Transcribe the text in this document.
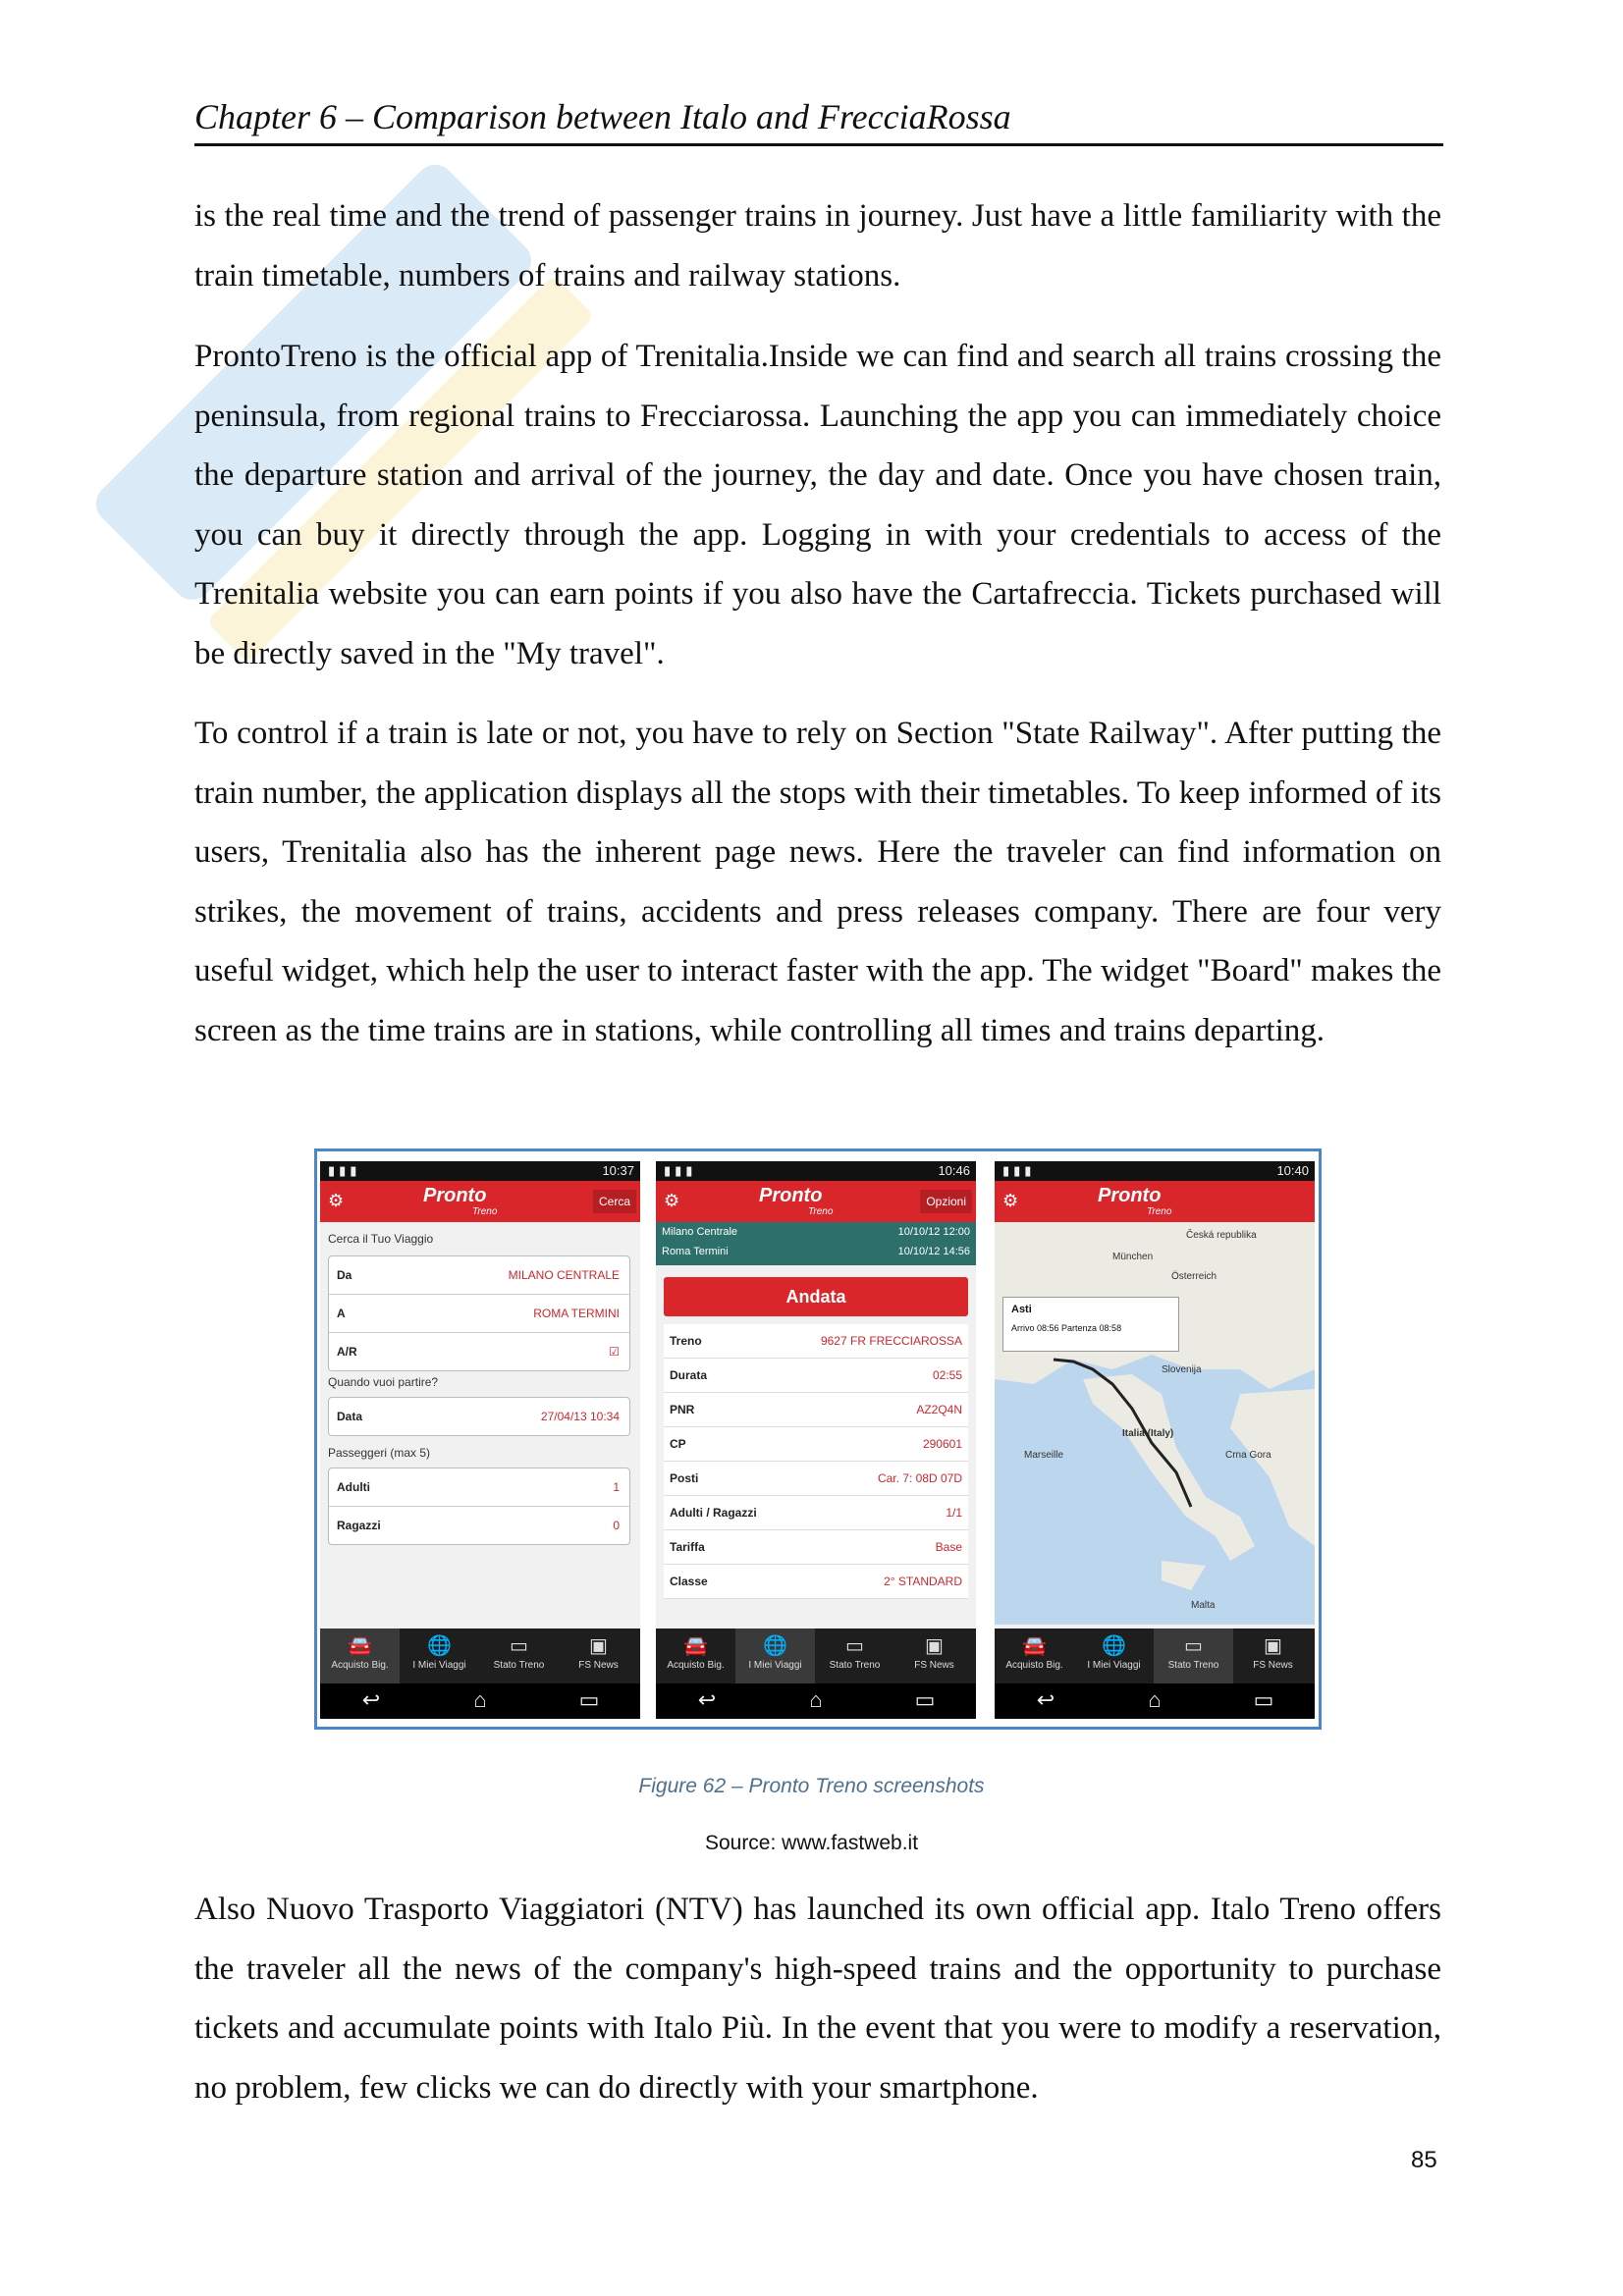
Chapter 6 – Comparison between Italo and FrecciaRossa

is the real time and the trend of passenger trains in journey. Just have a little familiarity with the train timetable, numbers of trains and railway stations.

ProntoTreno is the official app of Trenitalia.Inside we can find and search all trains crossing the peninsula, from regional trains to Frecciarossa. Launching the app you can immediately choice the departure station and arrival of the journey, the day and date. Once you have chosen train, you can buy it directly through the app. Logging in with your credentials to access of the Trenitalia website you can earn points if you also have the Cartafreccia. Tickets purchased will be directly saved in the "My travel".

To control if a train is late or not, you have to rely on Section "State Railway". After putting the train number, the application displays all the stops with their timetables. To keep informed of its users, Trenitalia also has the inherent page news. Here the traveler can find information on strikes, the movement of trains, accidents and press releases company. There are four very useful widget, which help the user to interact faster with the app. The widget "Board" makes the screen as the time trains are in stations, while controlling all times and trains departing.

▮▮▮	10:37
⚙	Pronto
Treno
Cerca
Cerca il Tuo Viaggio
Da	MILANO CENTRALE
A	ROMA TERMINI
A/R	☑
Quando vuoi partire?
Data	27/04/13 10:34
Passeggeri (max 5)
Adulti	1
Ragazzi	0
🚘
Acquisto Big.
🌐
I Miei Viaggi
▭
Stato Treno
▣
FS News
↩	⌂	▭
▮▮▮	10:46
⚙	Pronto
Treno
Opzioni
Milano Centrale	10/10/12 12:00
Roma Termini	10/10/12 14:56
Andata
Treno	9627 FR FRECCIAROSSA
Durata	02:55
PNR	AZ2Q4N
CP	290601
Posti	Car. 7: 08D 07D
Adulti / Ragazzi	1/1
Tariffa	Base
Classe	2° STANDARD
🚘
Acquisto Big.
🌐
I Miei Viaggi
▭
Stato Treno
▣
FS News
↩	⌂	▭
▮▮▮	10:40
⚙	Pronto
Treno
München
Österreich
Slovenija
Italia (Italy)
Marseille	Crna Gora
Malta
Česká republika
Asti
Arrivo 08:56 Partenza 08:58
🚘
Acquisto Big.
🌐
I Miei Viaggi
▭
Stato Treno
▣
FS News
↩	⌂	▭
Figure 62 – Pronto Treno screenshots
Source: www.fastweb.it

Also Nuovo Trasporto Viaggiatori (NTV) has launched its own official app. Italo Treno offers the traveler all the news of the company's high-speed trains and the opportunity to purchase tickets and accumulate points with Italo Più. In the event that you were to modify a reservation, no problem, few clicks we can do directly with your smartphone.

85
